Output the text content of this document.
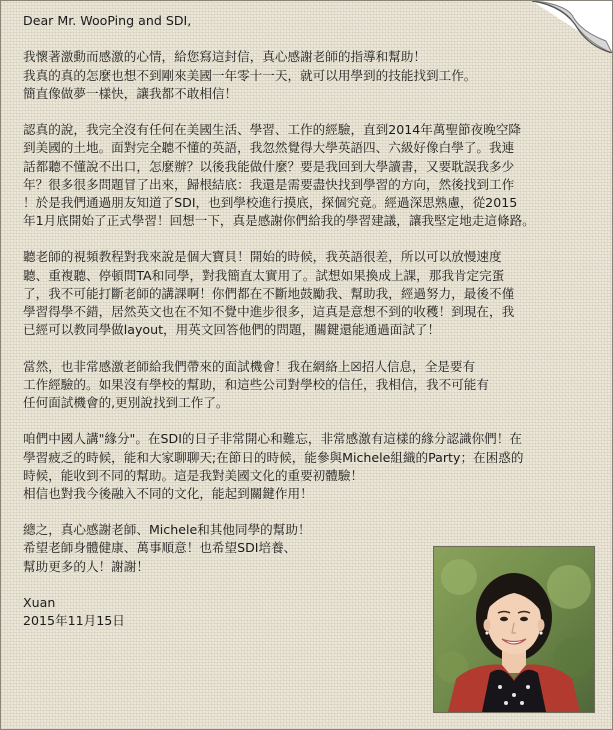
Dear Mr. WooPing and SDI,
我懷著激動而感激的心情，給您寫這封信，真心感謝老師的指導和幫助！
我真的真的怎麼也想不到剛來美國一年零十一天，就可以用學到的技能找到工作。
簡直像做夢一樣快，讓我都不敢相信！
認真的說，我完全沒有任何在美國生活、學習、工作的經驗，直到2014年萬聖節夜晚空降
到美國的土地。面對完全聽不懂的英語，我忽然覺得大學英語四、六級好像白學了。我連
話都聽不懂說不出口，怎麼辦？以後我能做什麼？要是我回到大學讀書，又要耽誤我多少
年？很多很多問題冒了出來，歸根結底：我還是需要盡快找到學習的方向，然後找到工作
！於是我們通過朋友知道了SDI，也到學校進行摸底，探個究竟。經過深思熟慮，從2015
年1月底開始了正式學習！回想一下，真是感謝你們給我的學習建議，讓我堅定地走這條路。
聽老師的視頻教程對我來說是個大寶貝！開始的時候，我英語很差，所以可以放慢速度
聽、重複聽、停頓問TA和同學，對我簡直太實用了。試想如果換成上課，那我肯定完蛋
了，我不可能打斷老師的講課啊！你們都在不斷地鼓勵我、幫助我，經過努力，最後不僅
學習得學不錯，居然英文也在不知不覺中進步很多，這真是意想不到的收穫！到現在，我
已經可以教同學做layout，用英文回答他們的問題，關鍵還能通過面試了！
當然，也非常感激老師給我們帶來的面試機會！我在網絡上☒招人信息，全是要有
工作經驗的。如果沒有學校的幫助，和這些公司對學校的信任，我相信，我不可能有
任何面試機會的,更別說找到工作了。
咱們中國人講"緣分"。在SDI的日子非常開心和難忘，非常感激有這樣的緣分認識你們！在
學習疲乏的時候，能和大家聊聊天;在節日的時候，能參與Michele組織的Party；在困惑的
時候，能收到不同的幫助。這是我對美國文化的重要初體驗！
相信也對我今後融入不同的文化，能起到關鍵作用！
總之，真心感謝老師、Michele和其他同學的幫助！
希望老師身體健康、萬事順意！也希望SDI培養、
幫助更多的人！謝謝！
Xuan
2015年11月15日
